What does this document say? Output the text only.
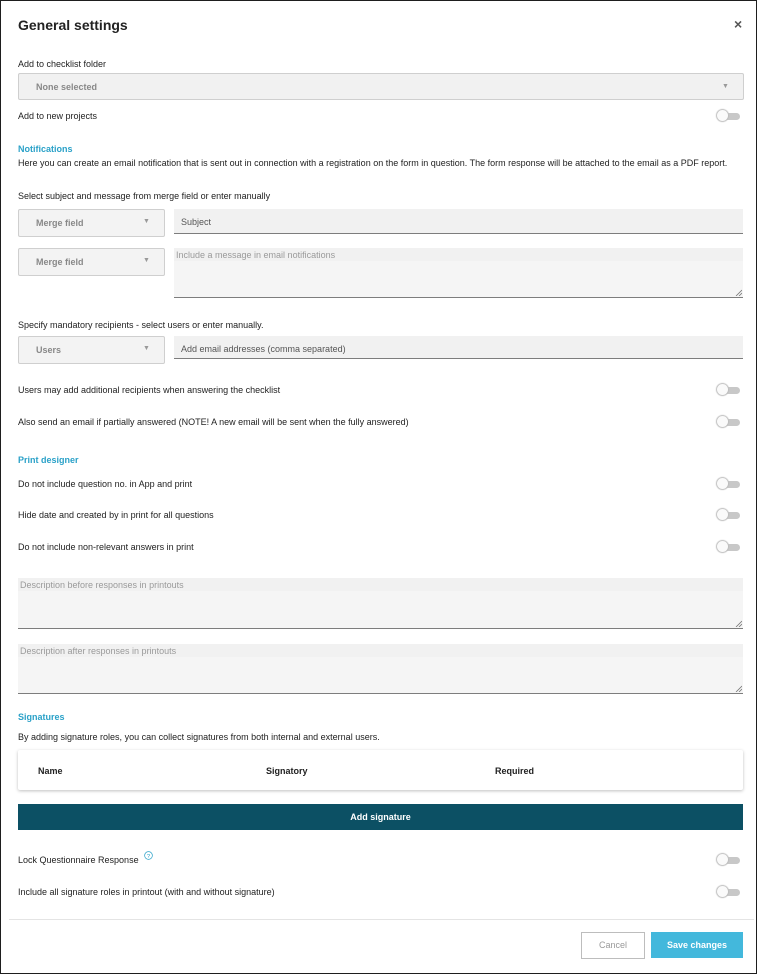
General settings	×
Add to checklist folder
None selected	▼
Add to new projects
Notifications
Here you can create an email notification that is sent out in connection with a registration on the form in question. The form response will be attached to the email as a PDF report.
Select subject and message from merge field or enter manually
Merge field	▼	Subject
Merge field	▼
Include a message in email notifications
Specify mandatory recipients - select users or enter manually.
Users	▼	Add email addresses (comma separated)
Users may add additional recipients when answering the checklist
Also send an email if partially answered (NOTE! A new email will be sent when the fully answered)
Print designer
Do not include question no. in App and print
Hide date and created by in print for all questions
Do not include non-relevant answers in print
Description before responses in printouts
Description after responses in printouts
Signatures
By adding signature roles, you can collect signatures from both internal and external users.
Name	Signatory	Required
Add signature
Lock Questionnaire Response ?
Include all signature roles in printout (with and without signature)
Cancel	Save changes
